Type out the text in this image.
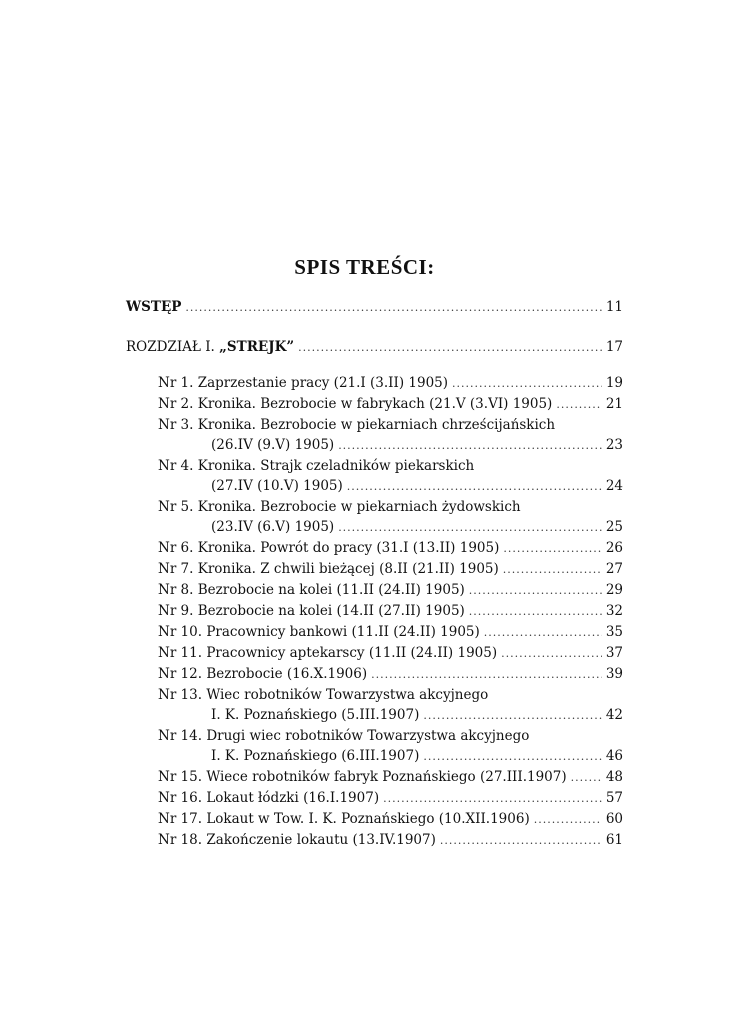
SPIS TREŚCI:
WSTĘP .....	11
ROZDZIAŁ I. „STREJK” .....	17
Nr 1. Zaprzestanie pracy (21.I (3.II) 1905) .....	19
Nr 2. Kronika. Bezrobocie w fabrykach (21.V (3.VI) 1905) .....	21
Nr 3. Kronika. Bezrobocie w piekarniach chrześcijańskich
(26.IV (9.V) 1905) .....	23
Nr 4. Kronika. Strajk czeladników piekarskich
(27.IV (10.V) 1905) .....	24
Nr 5. Kronika. Bezrobocie w piekarniach żydowskich
(23.IV (6.V) 1905) .....	25
Nr 6. Kronika. Powrót do pracy (31.I (13.II) 1905) .....	26
Nr 7. Kronika. Z chwili bieżącej (8.II (21.II) 1905) .....	27
Nr 8. Bezrobocie na kolei (11.II (24.II) 1905) .....	29
Nr 9. Bezrobocie na kolei (14.II (27.II) 1905) .....	32
Nr 10. Pracownicy bankowi (11.II (24.II) 1905) .....	35
Nr 11. Pracownicy aptekarscy (11.II (24.II) 1905) .....	37
Nr 12. Bezrobocie (16.X.1906) .....	39
Nr 13. Wiec robotników Towarzystwa akcyjnego
I. K. Poznańskiego (5.III.1907) .....	42
Nr 14. Drugi wiec robotników Towarzystwa akcyjnego
I. K. Poznańskiego (6.III.1907) .....	46
Nr 15. Wiece robotników fabryk Poznańskiego (27.III.1907) .....	48
Nr 16. Lokaut łódzki (16.I.1907) .....	57
Nr 17. Lokaut w Tow. I. K. Poznańskiego (10.XII.1906) .....	60
Nr 18. Zakończenie lokautu (13.IV.1907) .....	61
